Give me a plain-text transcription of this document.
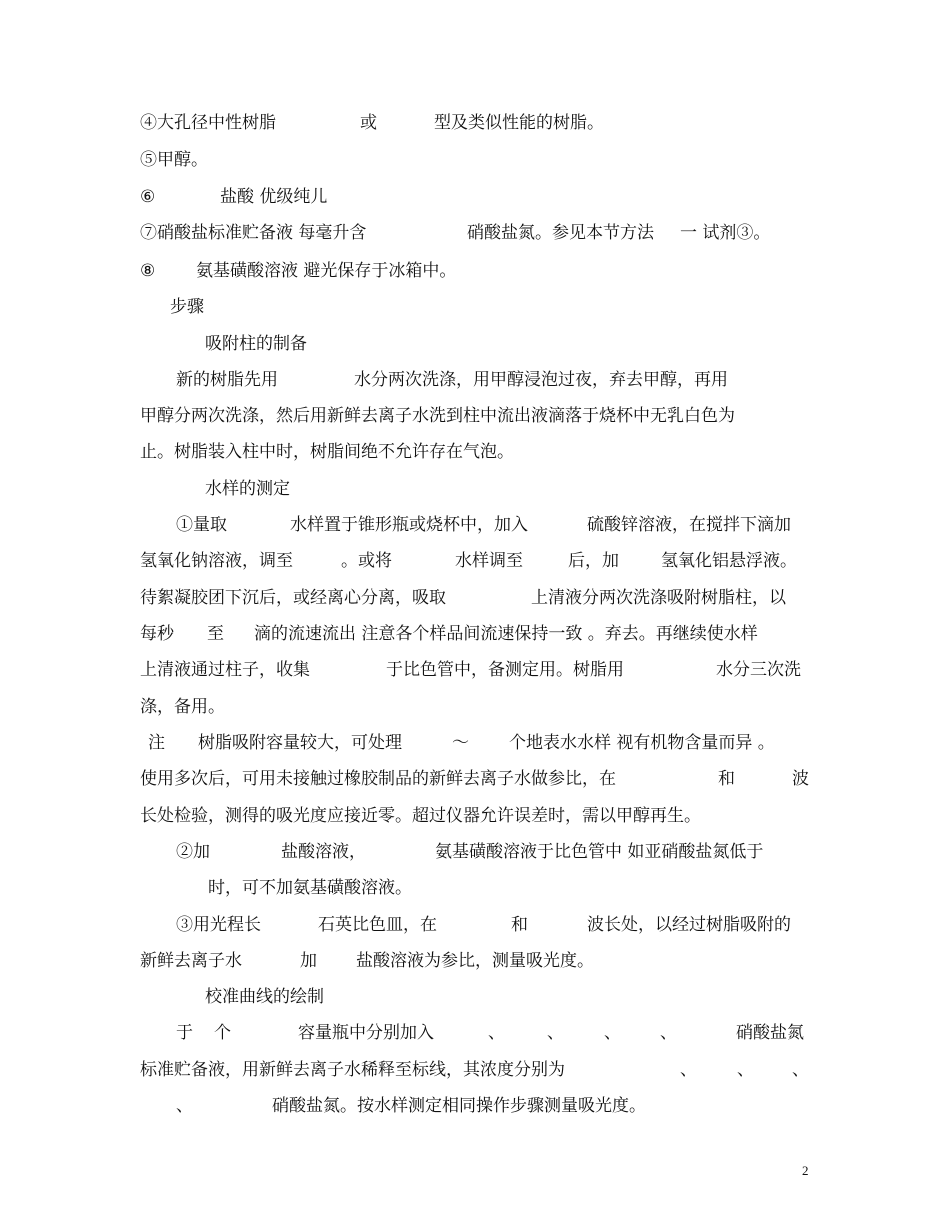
④大孔径中性树脂	或	型及类似性能的树脂。
⑤甲醇。
⑥	盐酸 优级纯儿
⑦硝酸盐标准贮备液 每毫升含	硝酸盐氮。参见本节方法 一 试剂③。
⑧ 氨基磺酸溶液 避光保存于冰箱中。
步骤
吸附柱的制备
新的树脂先用	水分两次洗涤，用甲醇浸泡过夜，弃去甲醇，再用
甲醇分两次洗涤，然后用新鲜去离子水洗到柱中流出液滴落于烧杯中无乳白色为
止。树脂装入柱中时，树脂间绝不允许存在气泡。
水样的测定
①量取	水样置于锥形瓶或烧杯中，加入	硫酸锌溶液，在搅拌下滴加
氢氧化钠溶液，调至	。或将	水样调至	后，加 氢氧化铝悬浮液。
待絮凝胶团下沉后，或经离心分离，吸取	上清液分两次洗涤吸附树脂柱，以
每秒 至 滴的流速流出 注意各个样品间流速保持一致 。弃去。再继续使水样
上清液通过柱子，收集	于比色管中，备测定用。树脂用	水分三次洗
涤，备用。
注 树脂吸附容量较大，可处理	～ 个地表水水样 视有机物含量而异 。
使用多次后，可用未接触过橡胶制品的新鲜去离子水做参比，在	和	波
长处检验，测得的吸光度应接近零。超过仪器允许误差时，需以甲醇再生。
②加	盐酸溶液，	氨基磺酸溶液于比色管中 如亚硝酸盐氮低于
时，可不加氨基磺酸溶液。
③用光程长	石英比色皿，在	和	波长处，以经过树脂吸附的
新鲜去离子水	加 盐酸溶液为参比，测量吸光度。
校准曲线的绘制
于 个	容量瓶中分别加入	、 、 、 、	硝酸盐氮
标准贮备液，用新鲜去离子水稀释至标线，其浓度分别为	、 、 、
、	硝酸盐氮。按水样测定相同操作步骤测量吸光度。
2
